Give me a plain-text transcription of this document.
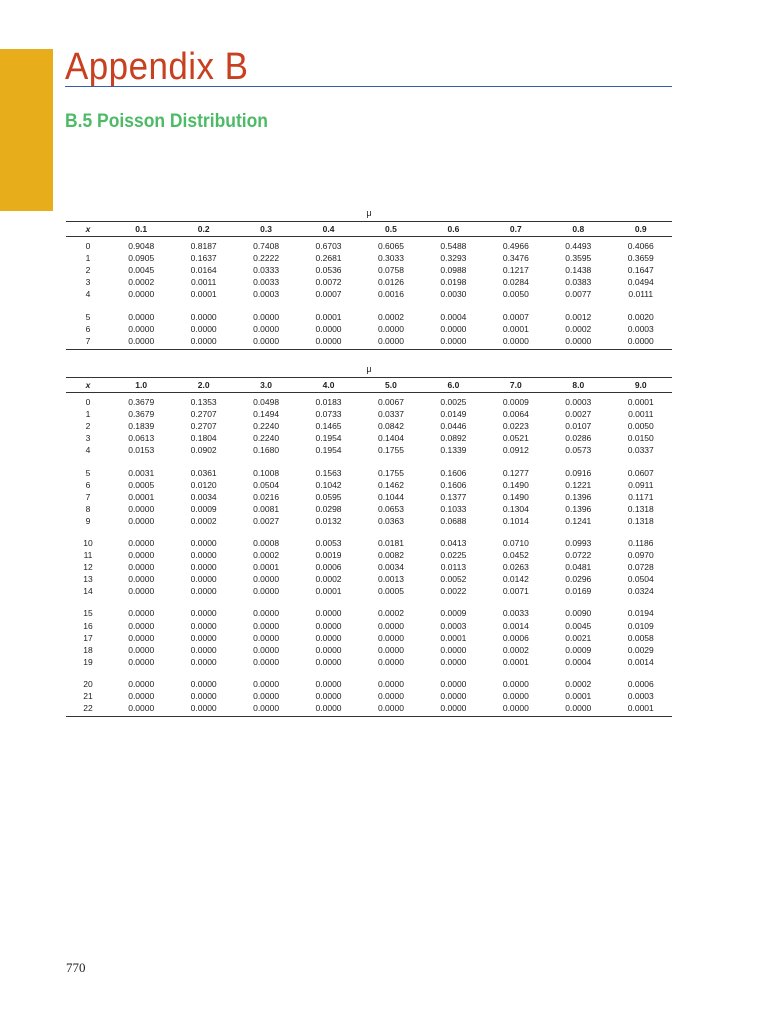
Appendix B
B.5 Poisson Distribution
μ
x	0.1	0.2	0.3	0.4	0.5	0.6	0.7	0.8	0.9
0	0.9048	0.8187	0.7408	0.6703	0.6065	0.5488	0.4966	0.4493	0.4066
1	0.0905	0.1637	0.2222	0.2681	0.3033	0.3293	0.3476	0.3595	0.3659
2	0.0045	0.0164	0.0333	0.0536	0.0758	0.0988	0.1217	0.1438	0.1647
3	0.0002	0.0011	0.0033	0.0072	0.0126	0.0198	0.0284	0.0383	0.0494
4	0.0000	0.0001	0.0003	0.0007	0.0016	0.0030	0.0050	0.0077	0.0111
5	0.0000	0.0000	0.0000	0.0001	0.0002	0.0004	0.0007	0.0012	0.0020
6	0.0000	0.0000	0.0000	0.0000	0.0000	0.0000	0.0001	0.0002	0.0003
7	0.0000	0.0000	0.0000	0.0000	0.0000	0.0000	0.0000	0.0000	0.0000
μ
x	1.0	2.0	3.0	4.0	5.0	6.0	7.0	8.0	9.0
0	0.3679	0.1353	0.0498	0.0183	0.0067	0.0025	0.0009	0.0003	0.0001
1	0.3679	0.2707	0.1494	0.0733	0.0337	0.0149	0.0064	0.0027	0.0011
2	0.1839	0.2707	0.2240	0.1465	0.0842	0.0446	0.0223	0.0107	0.0050
3	0.0613	0.1804	0.2240	0.1954	0.1404	0.0892	0.0521	0.0286	0.0150
4	0.0153	0.0902	0.1680	0.1954	0.1755	0.1339	0.0912	0.0573	0.0337
5	0.0031	0.0361	0.1008	0.1563	0.1755	0.1606	0.1277	0.0916	0.0607
6	0.0005	0.0120	0.0504	0.1042	0.1462	0.1606	0.1490	0.1221	0.0911
7	0.0001	0.0034	0.0216	0.0595	0.1044	0.1377	0.1490	0.1396	0.1171
8	0.0000	0.0009	0.0081	0.0298	0.0653	0.1033	0.1304	0.1396	0.1318
9	0.0000	0.0002	0.0027	0.0132	0.0363	0.0688	0.1014	0.1241	0.1318
10	0.0000	0.0000	0.0008	0.0053	0.0181	0.0413	0.0710	0.0993	0.1186
11	0.0000	0.0000	0.0002	0.0019	0.0082	0.0225	0.0452	0.0722	0.0970
12	0.0000	0.0000	0.0001	0.0006	0.0034	0.0113	0.0263	0.0481	0.0728
13	0.0000	0.0000	0.0000	0.0002	0.0013	0.0052	0.0142	0.0296	0.0504
14	0.0000	0.0000	0.0000	0.0001	0.0005	0.0022	0.0071	0.0169	0.0324
15	0.0000	0.0000	0.0000	0.0000	0.0002	0.0009	0.0033	0.0090	0.0194
16	0.0000	0.0000	0.0000	0.0000	0.0000	0.0003	0.0014	0.0045	0.0109
17	0.0000	0.0000	0.0000	0.0000	0.0000	0.0001	0.0006	0.0021	0.0058
18	0.0000	0.0000	0.0000	0.0000	0.0000	0.0000	0.0002	0.0009	0.0029
19	0.0000	0.0000	0.0000	0.0000	0.0000	0.0000	0.0001	0.0004	0.0014
20	0.0000	0.0000	0.0000	0.0000	0.0000	0.0000	0.0000	0.0002	0.0006
21	0.0000	0.0000	0.0000	0.0000	0.0000	0.0000	0.0000	0.0001	0.0003
22	0.0000	0.0000	0.0000	0.0000	0.0000	0.0000	0.0000	0.0000	0.0001
770
